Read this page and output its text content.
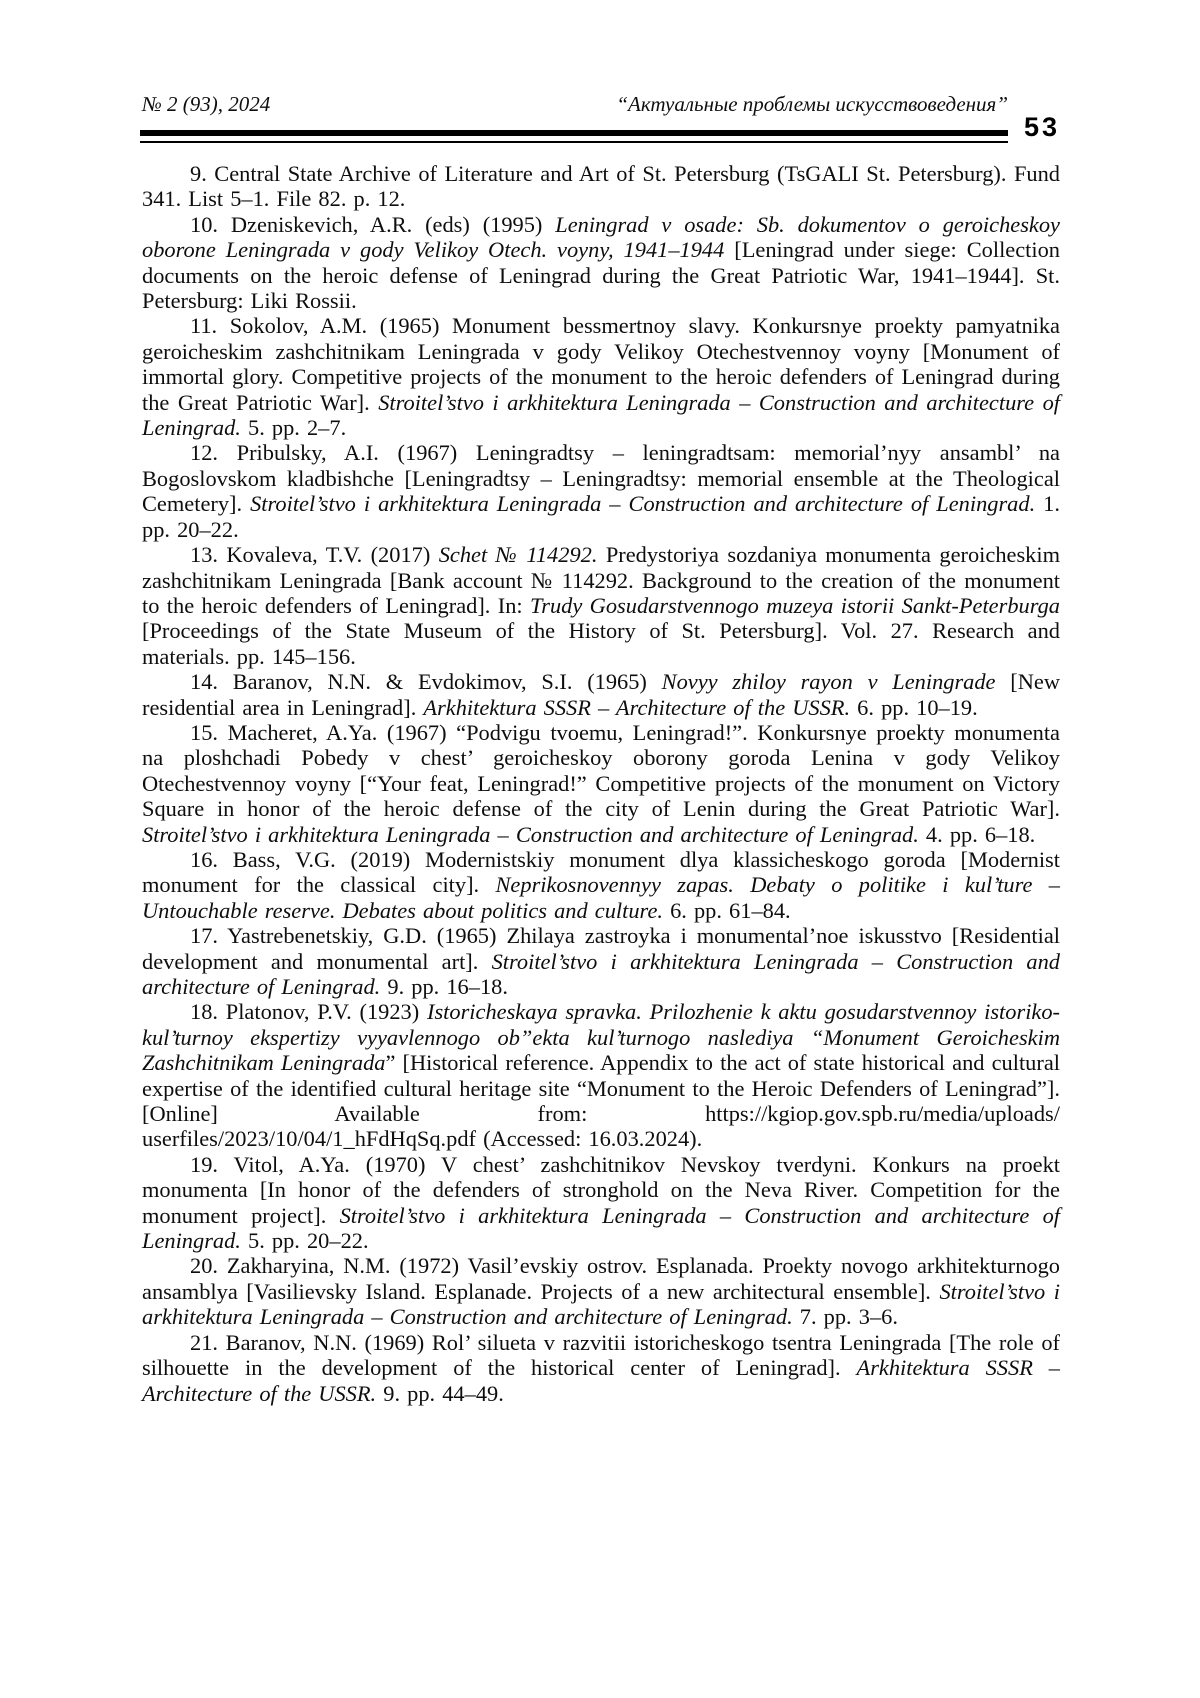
№ 2 (93), 2024	“Актуальные проблемы искусствоведения”
53

9. Central State Archive of Literature and Art of St. Petersburg (TsGALI St. Petersburg). Fund 341. List 5–1. File 82. p. 12.

10. Dzeniskevich, A.R. (eds) (1995) Leningrad v osade: Sb. dokumentov o geroicheskoy oborone Leningrada v gody Velikoy Otech. voyny, 1941–1944 [Leningrad under siege: Collection documents on the heroic defense of Leningrad during the Great Patriotic War, 1941–1944]. St. Petersburg: Liki Rossii.

11. Sokolov, A.M. (1965) Monument bessmertnoy slavy. Konkursnye proekty pamyatnika geroicheskim zashchitnikam Leningrada v gody Velikoy Otechestvennoy voyny [Monument of immortal glory. Competitive projects of the monument to the heroic defenders of Leningrad during the Great Patriotic War]. Stroitel’stvo i arkhitektura Leningrada – Construction and architecture of Leningrad. 5. pp. 2–7.

12. Pribulsky, A.I. (1967) Leningradtsy – leningradtsam: memorial’nyy ansambl’ na Bogoslovskom kladbishche [Leningradtsy – Leningradtsy: memorial ensemble at the Theological Cemetery]. Stroitel’stvo i arkhitektura Leningrada – Construction and architecture of Leningrad. 1. pp. 20–22.

13. Kovaleva, T.V. (2017) Schet № 114292. Predystoriya sozdaniya monumenta geroicheskim zashchitnikam Leningrada [Bank account № 114292. Background to the creation of the monument to the heroic defenders of Leningrad]. In: Trudy Gosudarstvennogo muzeya istorii Sankt-Peterburga [Proceedings of the State Museum of the History of St. Petersburg]. Vol. 27. Research and materials. pp. 145–156.

14. Baranov, N.N. & Evdokimov, S.I. (1965) Novyy zhiloy rayon v Leningrade [New residential area in Leningrad]. Arkhitektura SSSR – Architecture of the USSR. 6. pp. 10–19.

15. Macheret, A.Ya. (1967) “Podvigu tvoemu, Leningrad!”. Konkursnye proekty monumenta na ploshchadi Pobedy v chest’ geroicheskoy oborony goroda Lenina v gody Velikoy Otechestvennoy voyny [“Your feat, Leningrad!” Competitive projects of the monument on Victory Square in honor of the heroic defense of the city of Lenin during the Great Patriotic War]. Stroitel’stvo i arkhitektura Leningrada – Construction and architecture of Leningrad. 4. pp. 6–18.

16. Bass, V.G. (2019) Modernistskiy monument dlya klassicheskogo goroda [Modernist monument for the classical city]. Neprikosnovennyy zapas. Debaty o politike i kul’ture – Untouchable reserve. Debates about politics and culture. 6. pp. 61–84.

17. Yastrebenetskiy, G.D. (1965) Zhilaya zastroyka i monumental’noe iskusstvo [Residential development and monumental art]. Stroitel’stvo i arkhitektura Leningrada – Construction and architecture of Leningrad. 9. pp. 16–18.

18. Platonov, P.V. (1923) Istoricheskaya spravka. Prilozhenie k aktu gosudarstvennoy istoriko-kul’turnoy ekspertizy vyyavlennogo ob”ekta kul’turnogo naslediya “Monument Geroicheskim Zashchitnikam Leningrada” [Historical reference. Appendix to the act of state historical and cultural expertise of the identified cultural heritage site “Monument to the Heroic Defenders of Leningrad”]. [Online] Available from: https://kgiop.gov.spb.ru/media/uploads/ userfiles/2023/10/04/1_hFdHqSq.pdf (Accessed: 16.03.2024).

19. Vitol, A.Ya. (1970) V chest’ zashchitnikov Nevskoy tverdyni. Konkurs na proekt monumenta [In honor of the defenders of stronghold on the Neva River. Competition for the monument project]. Stroitel’stvo i arkhitektura Leningrada – Construction and architecture of Leningrad. 5. pp. 20–22.

20. Zakharyina, N.M. (1972) Vasil’evskiy ostrov. Esplanada. Proekty novogo arkhitekturnogo ansamblya [Vasilievsky Island. Esplanade. Projects of a new architectural ensemble]. Stroitel’stvo i arkhitektura Leningrada – Construction and architecture of Leningrad. 7. pp. 3–6.

21. Baranov, N.N. (1969) Rol’ silueta v razvitii istoricheskogo tsentra Leningrada [The role of silhouette in the development of the historical center of Leningrad]. Arkhitektura SSSR – Architecture of the USSR. 9. pp. 44–49.
